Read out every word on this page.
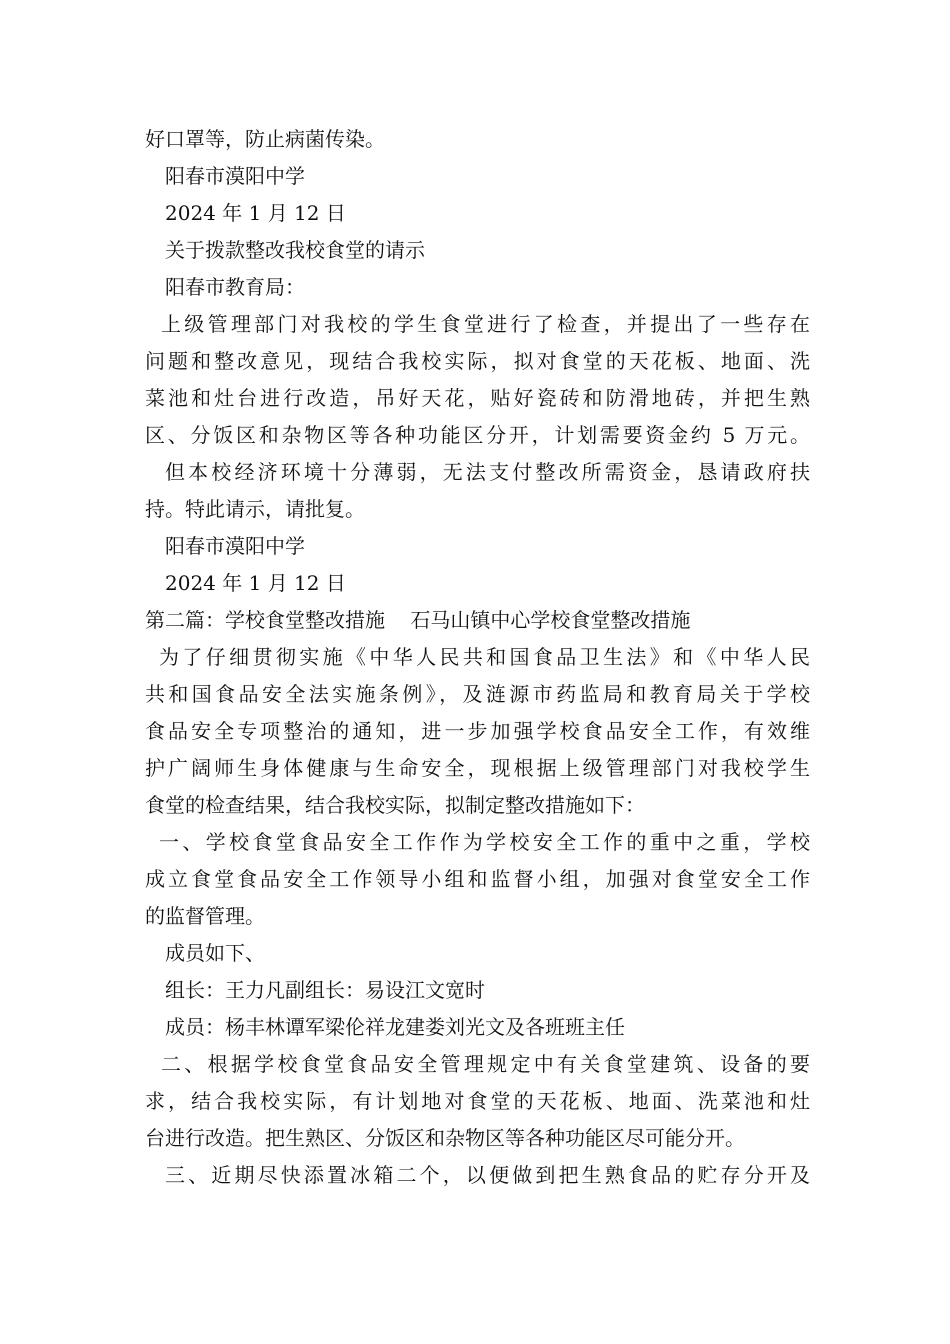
好口罩等，防止病菌传染。
阳春市漠阳中学
2024 年 1 月 12 日
关于拨款整改我校食堂的请示
阳春市教育局：
上级管理部门对我校的学生食堂进行了检查，并提出了一些存在
问题和整改意见，现结合我校实际，拟对食堂的天花板、地面、洗
菜池和灶台进行改造，吊好天花，贴好瓷砖和防滑地砖，并把生熟
区、分饭区和杂物区等各种功能区分开，计划需要资金约 5 万元。
但本校经济环境十分薄弱，无法支付整改所需资金，恳请政府扶
持。特此请示，请批复。
阳春市漠阳中学
2024 年 1 月 12 日
第二篇：学校食堂整改措施    石马山镇中心学校食堂整改措施
为了仔细贯彻实施《中华人民共和国食品卫生法》和《中华人民
共和国食品安全法实施条例》，及涟源市药监局和教育局关于学校
食品安全专项整治的通知，进一步加强学校食品安全工作，有效维
护广阔师生身体健康与生命安全，现根据上级管理部门对我校学生
食堂的检查结果，结合我校实际，拟制定整改措施如下：
一、学校食堂食品安全工作作为学校安全工作的重中之重，学校
成立食堂食品安全工作领导小组和监督小组，加强对食堂安全工作
的监督管理。
成员如下、
组长：王力凡副组长：易设江文宽时
成员：杨丰林谭军梁伦祥龙建娄刘光文及各班班主任
二、根据学校食堂食品安全管理规定中有关食堂建筑、设备的要
求，结合我校实际，有计划地对食堂的天花板、地面、洗菜池和灶
台进行改造。把生熟区、分饭区和杂物区等各种功能区尽可能分开。
三、近期尽快添置冰箱二个，以便做到把生熟食品的贮存分开及
